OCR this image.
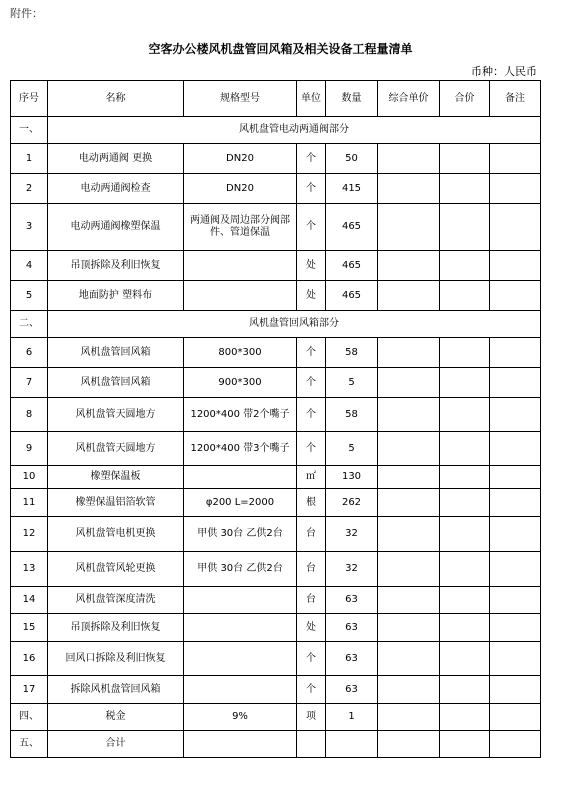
附件：
空客办公楼风机盘管回风箱及相关设备工程量清单
币种：人民币
序号	名称	规格型号	单位	数量	综合单价	合价	备注
一、	风机盘管电动两通阀部分						
1	电动两通阀 更换	DN20	个	50			
2	电动两通阀检查	DN20	个	415			
3	电动两通阀橡塑保温	两通阀及周边部分阀部件、管道保温	个	465			
4	吊顶拆除及利旧恢复		处	465			
5	地面防护 塑料布		处	465			
二、	风机盘管回风箱部分						
6	风机盘管回风箱	800*300	个	58			
7	风机盘管回风箱	900*300	个	5			
8	风机盘管天圆地方	1200*400 带2个嘴子	个	58			
9	风机盘管天圆地方	1200*400 带3个嘴子	个	5			
10	橡塑保温板		㎡	130			
11	橡塑保温铝箔软管	φ200 L=2000	根	262			
12	风机盘管电机更换	甲供 30台 乙供2台	台	32			
13	风机盘管风轮更换	甲供 30台 乙供2台	台	32			
14	风机盘管深度清洗		台	63			
15	吊顶拆除及利旧恢复		处	63			
16	回风口拆除及利旧恢复		个	63			
17	拆除风机盘管回风箱		个	63			
四、	税金	9%	项	1			
五、	合计						
